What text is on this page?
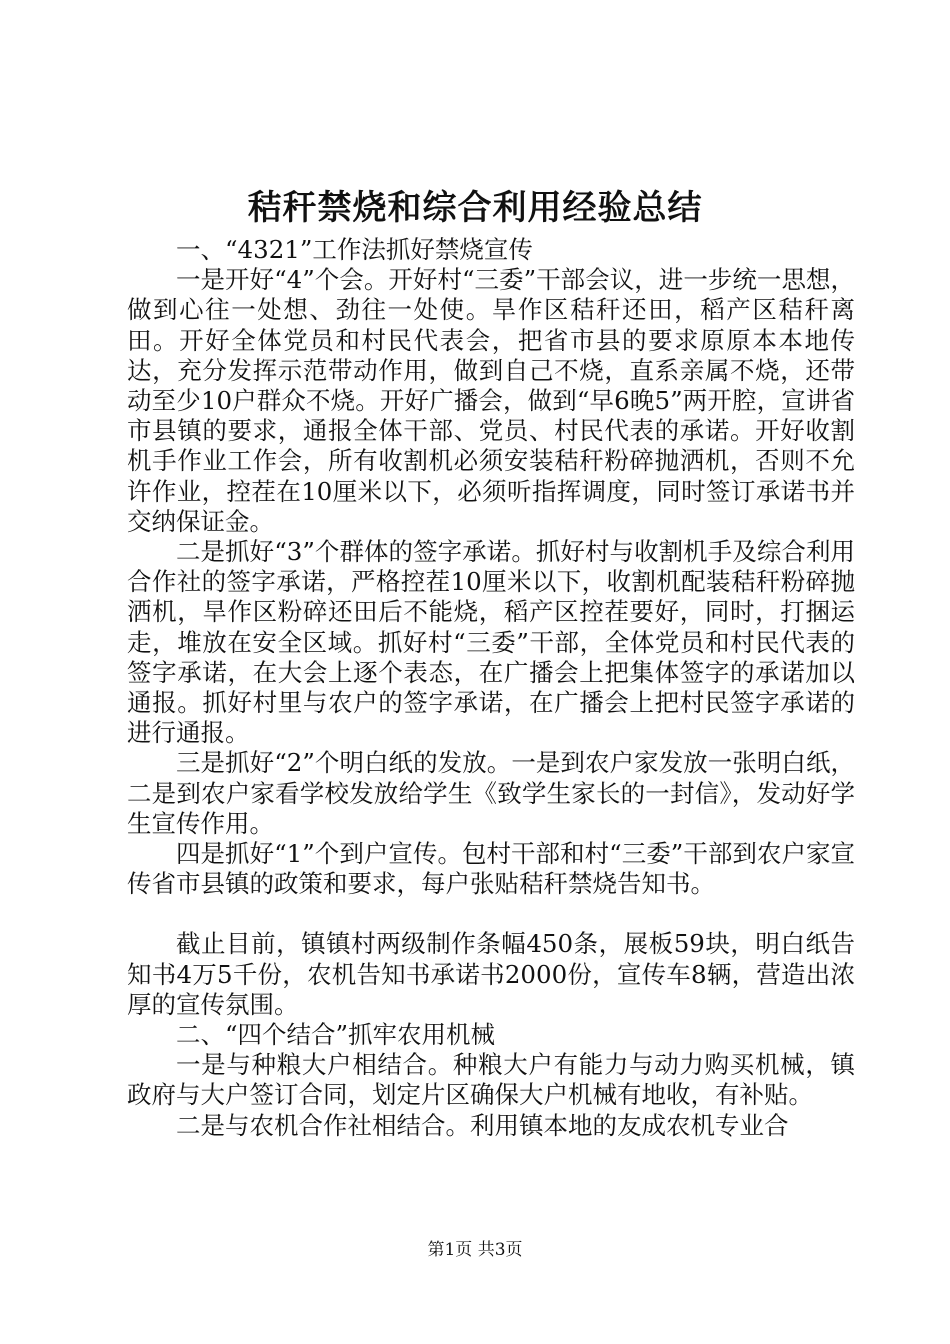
秸秆禁烧和综合利用经验总结

一、“4321”工作法抓好禁烧宣传

一是开好“4”个会。开好村“三委”干部会议，进一步统一思想，做到心往一处想、劲往一处使。旱作区秸秆还田，稻产区秸秆离田。开好全体党员和村民代表会，把省市县的要求原原本本地传达，充分发挥示范带动作用，做到自己不烧，直系亲属不烧，还带动至少10户群众不烧。开好广播会，做到“早6晚5”两开腔，宣讲省市县镇的要求，通报全体干部、党员、村民代表的承诺。开好收割机手作业工作会，所有收割机必须安装秸秆粉碎抛洒机，否则不允许作业，控茬在10厘米以下，必须听指挥调度，同时签订承诺书并交纳保证金。

二是抓好“3”个群体的签字承诺。抓好村与收割机手及综合利用合作社的签字承诺，严格控茬10厘米以下，收割机配装秸秆粉碎抛洒机，旱作区粉碎还田后不能烧，稻产区控茬要好，同时，打捆运走，堆放在安全区域。抓好村“三委”干部，全体党员和村民代表的签字承诺，在大会上逐个表态，在广播会上把集体签字的承诺加以通报。抓好村里与农户的签字承诺，在广播会上把村民签字承诺的进行通报。

三是抓好“2”个明白纸的发放。一是到农户家发放一张明白纸，二是到农户家看学校发放给学生《致学生家长的一封信》，发动好学生宣传作用。

四是抓好“1”个到户宣传。包村干部和村“三委”干部到农户家宣传省市县镇的政策和要求，每户张贴秸秆禁烧告知书。

截止目前，镇镇村两级制作条幅450条，展板59块，明白纸告知书4万5千份，农机告知书承诺书2000份，宣传车8辆，营造出浓厚的宣传氛围。

二、“四个结合”抓牢农用机械

一是与种粮大户相结合。种粮大户有能力与动力购买机械，镇政府与大户签订合同，划定片区确保大户机械有地收，有补贴。

二是与农机合作社相结合。利用镇本地的友成农机专业合

第1页 共3页
